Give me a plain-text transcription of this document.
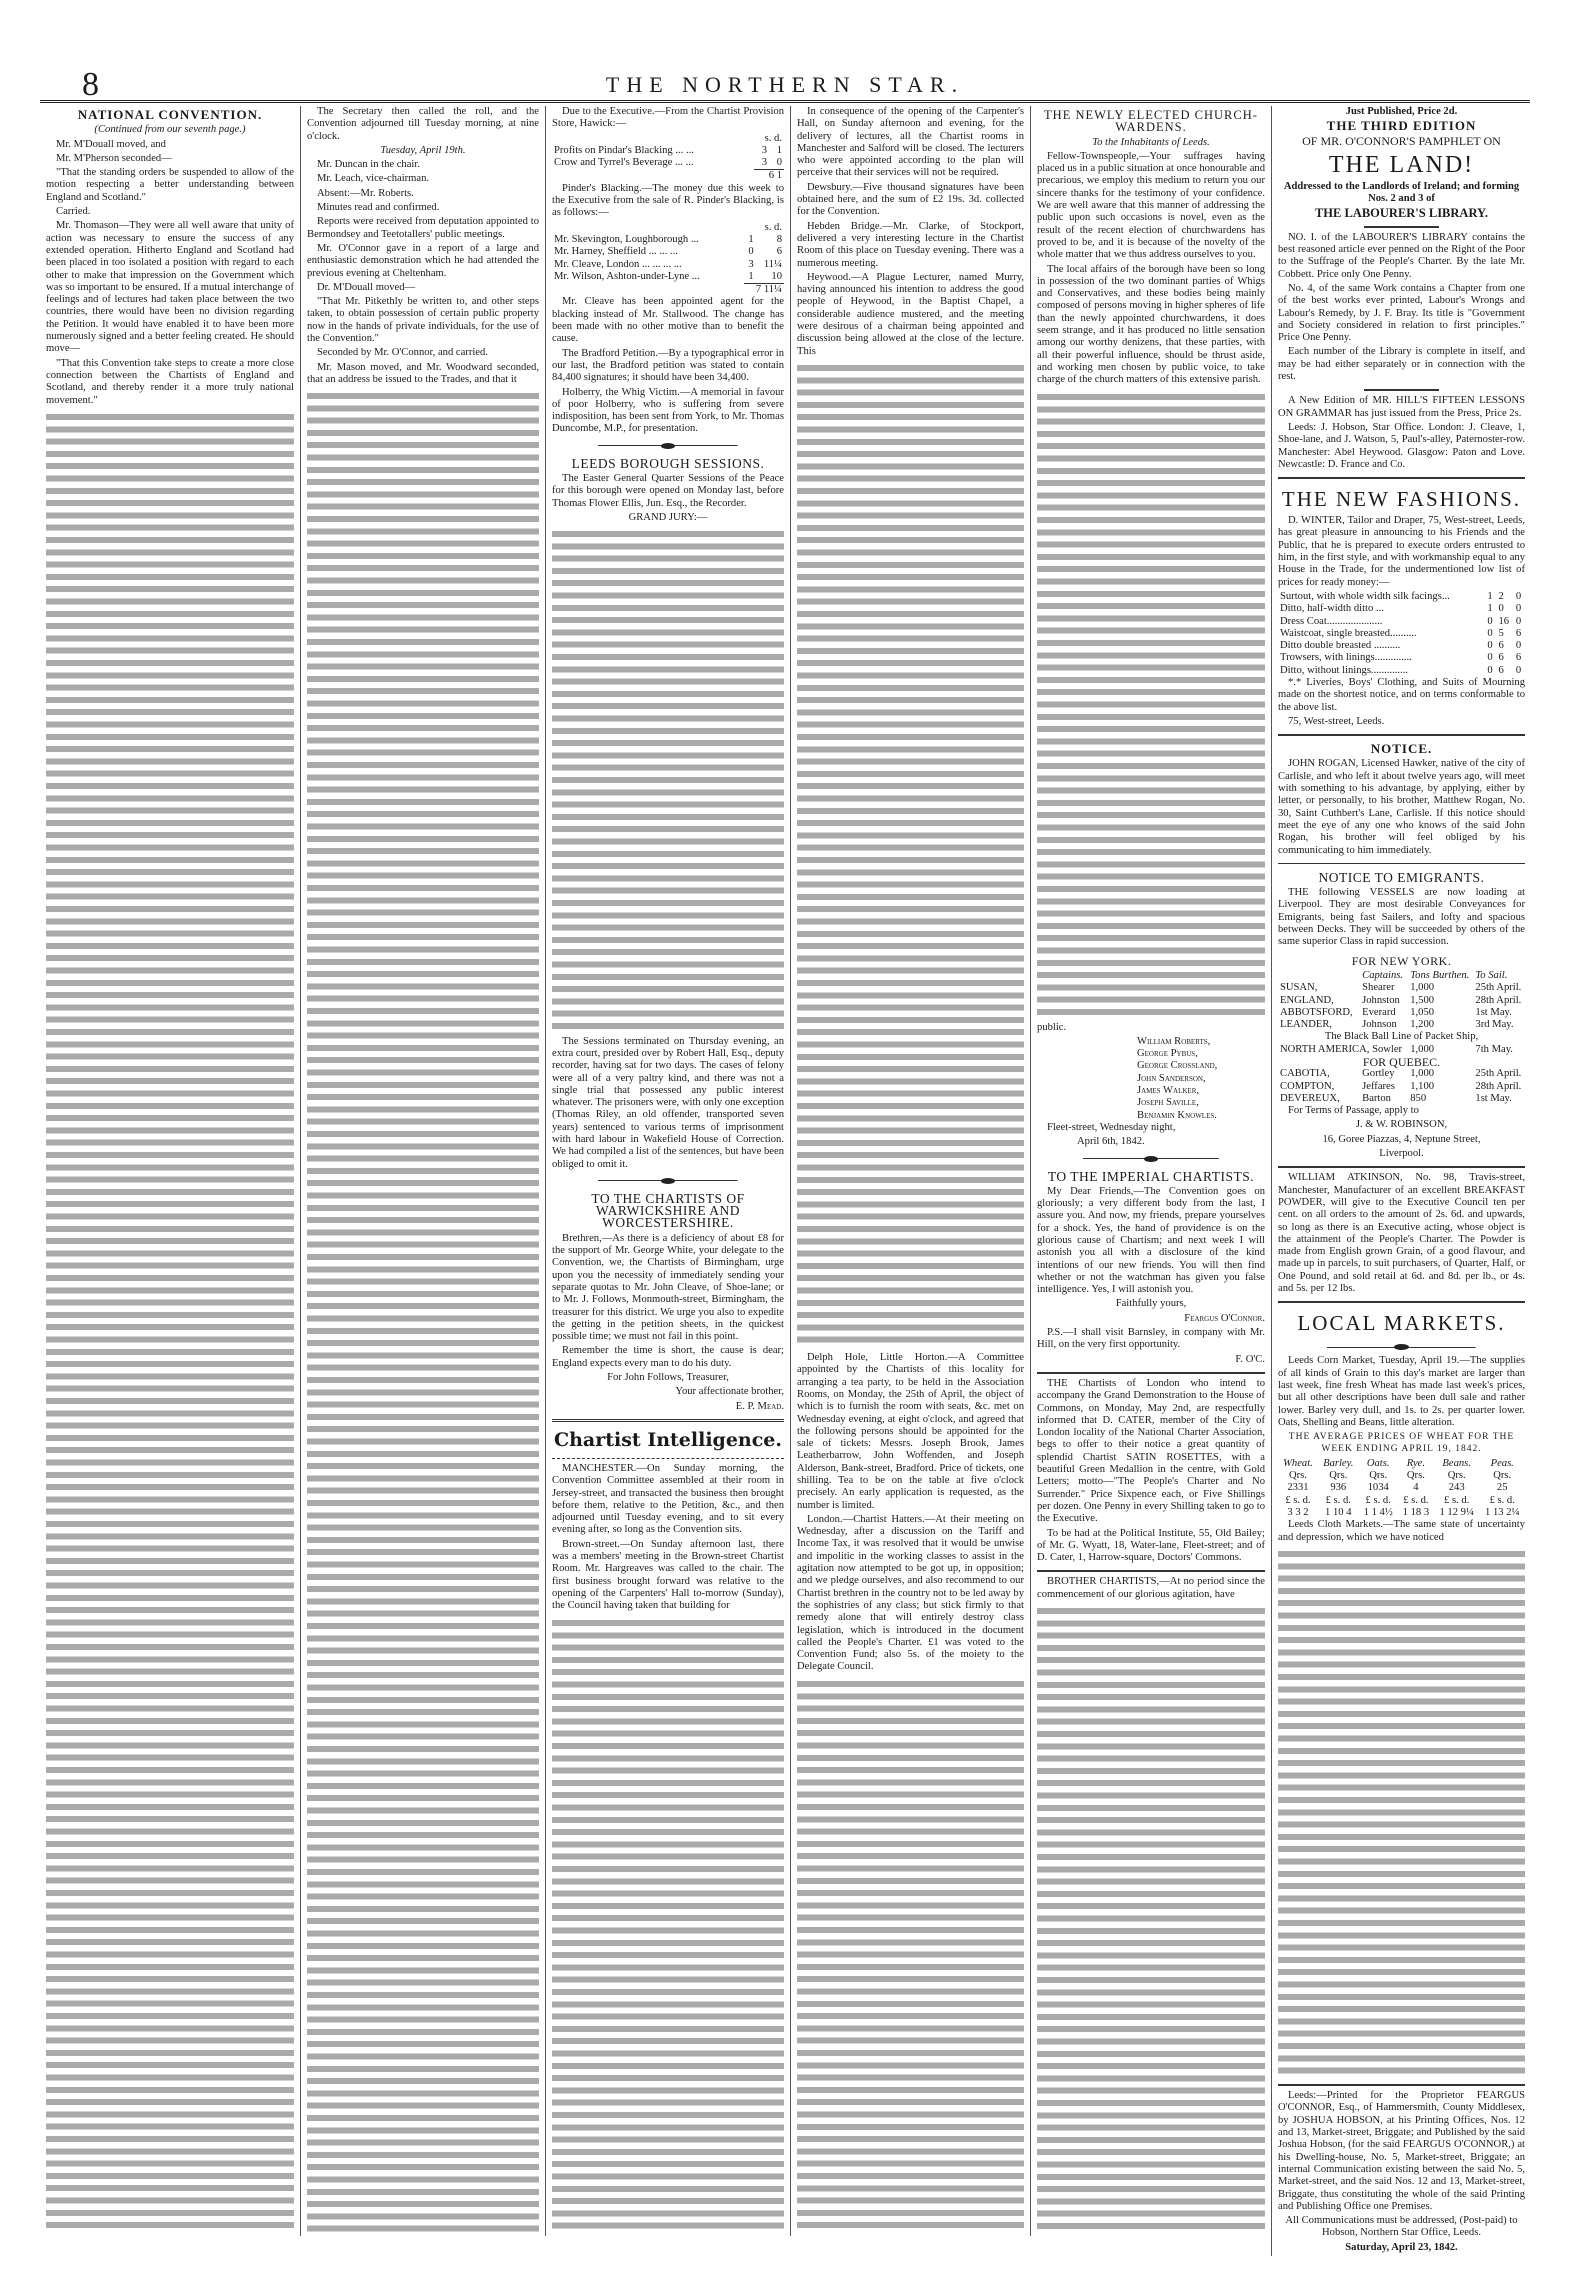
8	THE NORTHERN STAR.
NATIONAL CONVENTION.

(Continued from our seventh page.)

Mr. M'Douall moved, and

Mr. M'Pherson seconded—

"That the standing orders be suspended to allow of the motion respecting a better understanding between England and Scotland."

Carried.

Mr. Thomason—They were all well aware that unity of action was necessary to ensure the success of any extended operation. Hitherto England and Scotland had been placed in too isolated a position with regard to each other to make that impression on the Government which was so important to be ensured. If a mutual interchange of feelings and of lectures had taken place between the two countries, there would have been no division regarding the Petition. It would have enabled it to have been more numerously signed and a better feeling created. He should move—

"That this Convention take steps to create a more close connection between the Chartists of England and Scotland, and thereby render it a more truly national movement."

The Secretary then called the roll, and the Convention adjourned till Tuesday morning, at nine o'clock.

Tuesday, April 19th.

Mr. Duncan in the chair.

Mr. Leach, vice-chairman.

Absent:—Mr. Roberts.

Minutes read and confirmed.

Reports were received from deputation appointed to Bermondsey and Teetotallers' public meetings.

Mr. O'Connor gave in a report of a large and enthusiastic demonstration which he had attended the previous evening at Cheltenham.

Dr. M'Douall moved—

"That Mr. Pitkethly be written to, and other steps taken, to obtain possession of certain public property now in the hands of private individuals, for the use of the Convention."

Seconded by Mr. O'Connor, and carried.

Mr. Mason moved, and Mr. Woodward seconded, that an address be issued to the Trades, and that it

Due to the Executive.—From the Chartist Provision Store, Hawick:—

	s. d.	
Profits on Pindar's Blacking ... ...	3	1
Crow and Tyrrel's Beverage ... ...	3	0
	6 1	

Pinder's Blacking.—The money due this week to the Executive from the sale of R. Pinder's Blacking, is as follows:—

	s. d.	
Mr. Skevington, Loughborough ...	1	8
Mr. Harney, Sheffield ... ... ...	0	6
Mr. Cleave, London ... ... ... ...	3	11¼
Mr. Wilson, Ashton-under-Lyne ...	1	10
	7 11¼	

Mr. Cleave has been appointed agent for the blacking instead of Mr. Stallwood. The change has been made with no other motive than to benefit the cause.

The Bradford Petition.—By a typographical error in our last, the Bradford petition was stated to contain 84,400 signatures; it should have been 34,400.

Holberry, the Whig Victim.—A memorial in favour of poor Holberry, who is suffering from severe indisposition, has been sent from York, to Mr. Thomas Duncombe, M.P., for presentation.

LEEDS BOROUGH SESSIONS.

The Easter General Quarter Sessions of the Peace for this borough were opened on Monday last, before Thomas Flower Ellis, Jun. Esq., the Recorder.

GRAND JURY:—

The Sessions terminated on Thursday evening, an extra court, presided over by Robert Hall, Esq., deputy recorder, having sat for two days. The cases of felony were all of a very paltry kind, and there was not a single trial that possessed any public interest whatever. The prisoners were, with only one exception (Thomas Riley, an old offender, transported seven years) sentenced to various terms of imprisonment with hard labour in Wakefield House of Correction. We had compiled a list of the sentences, but have been obliged to omit it.

TO THE CHARTISTS OF WARWICKSHIRE AND WORCESTERSHIRE.

Brethren,—As there is a deficiency of about £8 for the support of Mr. George White, your delegate to the Convention, we, the Chartists of Birmingham, urge upon you the necessity of immediately sending your separate quotas to Mr. John Cleave, of Shoe-lane; or to Mr. J. Follows, Monmouth-street, Birmingham, the treasurer for this district. We urge you also to expedite the getting in the petition sheets, in the quickest possible time; we must not fail in this point.

Remember the time is short, the cause is dear; England expects every man to do his duty.

For John Follows, Treasurer,

Your affectionate brother,

E. P. Mead.

Chartist Intelligence.

MANCHESTER.—On Sunday morning, the Convention Committee assembled at their room in Jersey-street, and transacted the business then brought before them, relative to the Petition, &c., and then adjourned until Tuesday evening, and to sit every evening after, so long as the Convention sits.

Brown-street.—On Sunday afternoon last, there was a members' meeting in the Brown-street Chartist Room. Mr. Hargreaves was called to the chair. The first business brought forward was relative to the opening of the Carpenters' Hall to-morrow (Sunday), the Council having taken that building for

In consequence of the opening of the Carpenter's Hall, on Sunday afternoon and evening, for the delivery of lectures, all the Chartist rooms in Manchester and Salford will be closed. The lecturers who were appointed according to the plan will perceive that their services will not be required.

Dewsbury.—Five thousand signatures have been obtained here, and the sum of £2 19s. 3d. collected for the Convention.

Hebden Bridge.—Mr. Clarke, of Stockport, delivered a very interesting lecture in the Chartist Room of this place on Tuesday evening. There was a numerous meeting.

Heywood.—A Plague Lecturer, named Murry, having announced his intention to address the good people of Heywood, in the Baptist Chapel, a considerable audience mustered, and the meeting were desirous of a chairman being appointed and discussion being allowed at the close of the lecture. This

Delph Hole, Little Horton.—A Committee appointed by the Chartists of this locality for arranging a tea party, to be held in the Association Rooms, on Monday, the 25th of April, the object of which is to furnish the room with seats, &c. met on Wednesday evening, at eight o'clock, and agreed that the following persons should be appointed for the sale of tickets: Messrs. Joseph Brook, James Leatherbarrow, John Woffenden, and Joseph Alderson, Bank-street, Bradford. Price of tickets, one shilling. Tea to be on the table at five o'clock precisely. An early application is requested, as the number is limited.

London.—Chartist Hatters.—At their meeting on Wednesday, after a discussion on the Tariff and Income Tax, it was resolved that it would be unwise and impolitic in the working classes to assist in the agitation now attempted to be got up, in opposition; and we pledge ourselves, and also recommend to our Chartist brethren in the country not to be led away by the sophistries of any class; but stick firmly to that remedy alone that will entirely destroy class legislation, which is introduced in the document called the People's Charter. £1 was voted to the Convention Fund; also 5s. of the moiety to the Delegate Council.

THE NEWLY ELECTED CHURCH-WARDENS.

To the Inhabitants of Leeds.

Fellow-Townspeople,—Your suffrages having placed us in a public situation at once honourable and precarious, we employ this medium to return you our sincere thanks for the testimony of your confidence. We are well aware that this manner of addressing the public upon such occasions is novel, even as the result of the recent election of churchwardens has proved to be, and it is because of the novelty of the whole matter that we thus address ourselves to you.

The local affairs of the borough have been so long in possession of the two dominant parties of Whigs and Conservatives, and these bodies being mainly composed of persons moving in higher spheres of life than the newly appointed churchwardens, it does seem strange, and it has produced no little sensation among our worthy denizens, that these parties, with all their powerful influence, should be thrust aside, and working men chosen by public voice, to take charge of the church matters of this extensive parish.

public.

William Roberts,
George Pybus,
George Crossland,
John Sanderson,
James Walker,
Joseph Saville,
Benjamin Knowles.

Fleet-street, Wednesday night,

April 6th, 1842.

TO THE IMPERIAL CHARTISTS.

My Dear Friends,—The Convention goes on gloriously; a very different body from the last, I assure you. And now, my friends, prepare yourselves for a shock. Yes, the hand of providence is on the glorious cause of Chartism; and next week I will astonish you all with a disclosure of the kind intentions of our new friends. You will then find whether or not the watchman has given you false intelligence. Yes, I will astonish you.

Faithfully yours,

Feargus O'Connor.

P.S.—I shall visit Barnsley, in company with Mr. Hill, on the very first opportunity.

F. O'C.

THE Chartists of London who intend to accompany the Grand Demonstration to the House of Commons, on Monday, May 2nd, are respectfully informed that D. CATER, member of the City of London locality of the National Charter Association, begs to offer to their notice a great quantity of splendid Chartist SATIN ROSETTES, with a beautiful Green Medallion in the centre, with Gold Letters; motto—"The People's Charter and No Surrender." Price Sixpence each, or Five Shillings per dozen. One Penny in every Shilling taken to go to the Executive.

To be had at the Political Institute, 55, Old Bailey; of Mr. G. Wyatt, 18, Water-lane, Fleet-street; and of D. Cater, 1, Harrow-square, Doctors' Commons.

BROTHER CHARTISTS,—At no period since the commencement of our glorious agitation, have

Just Published, Price 2d.

THE THIRD EDITION

OF MR. O'CONNOR'S PAMPHLET ON

THE LAND!

Addressed to the Landlords of Ireland; and forming Nos. 2 and 3 of

THE LABOURER'S LIBRARY.

NO. I. of the LABOURER'S LIBRARY contains the best reasoned article ever penned on the Right of the Poor to the Suffrage of the People's Charter. By the late Mr. Cobbett. Price only One Penny.

No. 4, of the same Work contains a Chapter from one of the best works ever printed, Labour's Wrongs and Labour's Remedy, by J. F. Bray. Its title is "Government and Society considered in relation to first principles." Price One Penny.

Each number of the Library is complete in itself, and may be had either separately or in connection with the rest.

A New Edition of MR. HILL'S FIFTEEN LESSONS ON GRAMMAR has just issued from the Press, Price 2s.

Leeds: J. Hobson, Star Office. London: J. Cleave, 1, Shoe-lane, and J. Watson, 5, Paul's-alley, Paternoster-row. Manchester: Abel Heywood. Glasgow: Paton and Love. Newcastle: D. France and Co.

THE NEW FASHIONS.

D. WINTER, Tailor and Draper, 75, West-street, Leeds, has great pleasure in announcing to his Friends and the Public, that he is prepared to execute orders entrusted to him, in the first style, and with workmanship equal to any House in the Trade, for the undermentioned low list of prices for ready money:—

Surtout, with whole width silk facings...	1	2	0
Ditto, half-width ditto ...	1	0	0
Dress Coat.....................	0	16	0
Waistcoat, single breasted..........	0	5	6
Ditto double breasted ..........	0	6	0
Trowsers, with linings..............	0	6	6
Ditto, without linings..............	0	6	0

*.* Liveries, Boys' Clothing, and Suits of Mourning made on the shortest notice, and on terms conformable to the above list.

75, West-street, Leeds.

NOTICE.

JOHN ROGAN, Licensed Hawker, native of the city of Carlisle, and who left it about twelve years ago, will meet with something to his advantage, by applying, either by letter, or personally, to his brother, Matthew Rogan, No. 30, Saint Cuthbert's Lane, Carlisle. If this notice should meet the eye of any one who knows of the said John Rogan, his brother will feel obliged by his communicating to him immediately.

NOTICE TO EMIGRANTS.

THE following VESSELS are now loading at Liverpool. They are most desirable Conveyances for Emigrants, being fast Sailers, and lofty and spacious between Decks. They will be succeeded by others of the same superior Class in rapid succession.

FOR NEW YORK.
	Captains.	Tons Burthen.	To Sail.
SUSAN,	Shearer	1,000	25th April.
ENGLAND,	Johnston	1,500	28th April.
ABBOTSFORD,	Everard	1,050	1st May.
LEANDER,	Johnson	1,200	3rd May.
The Black Ball Line of Packet Ship,			
NORTH AMERICA, Sowler		1,000	7th May.
FOR QUEBEC.			
CABOTIA,	Gortley	1,000	25th April.
COMPTON,	Jeffares	1,100	28th April.
DEVEREUX,	Barton	850	1st May.

For Terms of Passage, apply to

J. & W. ROBINSON,

16, Goree Piazzas, 4, Neptune Street,

Liverpool.

WILLIAM ATKINSON, No. 98, Travis-street, Manchester, Manufacturer of an excellent BREAKFAST POWDER, will give to the Executive Council ten per cent. on all orders to the amount of 2s. 6d. and upwards, so long as there is an Executive acting, whose object is the attainment of the People's Charter. The Powder is made from English grown Grain, of a good flavour, and made up in parcels, to suit purchasers, of Quarter, Half, or One Pound, and sold retail at 6d. and 8d. per lb., or 4s. and 5s. per 12 lbs.

LOCAL MARKETS.

Leeds Corn Market, Tuesday, April 19.—The supplies of all kinds of Grain to this day's market are larger than last week, fine fresh Wheat has made last week's prices, but all other descriptions have been dull sale and rather lower. Barley very dull, and 1s. to 2s. per quarter lower. Oats, Shelling and Beans, little alteration.

THE AVERAGE PRICES OF WHEAT FOR THE WEEK ENDING APRIL 19, 1842.

Wheat.	Barley.	Oats.	Rye.	Beans.	Peas.
Qrs.	Qrs.	Qrs.	Qrs.	Qrs.	Qrs.
2331	936	1034	4	243	25
£ s. d.	£ s. d.	£ s. d.	£ s. d.	£ s. d.	£ s. d.
3 3 2	1 10 4	1 1 4½	1 18 3	1 12 9¼	1 13 2¼

Leeds Cloth Markets.—The same state of uncertainty and depression, which we have noticed

Leeds:—Printed for the Proprietor FEARGUS O'CONNOR, Esq., of Hammersmith, County Middlesex, by JOSHUA HOBSON, at his Printing Offices, Nos. 12 and 13, Market-street, Briggate; and Published by the said Joshua Hobson, (for the said FEARGUS O'CONNOR,) at his Dwelling-house, No. 5, Market-street, Briggate; an internal Communication existing between the said No. 5, Market-street, and the said Nos. 12 and 13, Market-street, Briggate, thus constituting the whole of the said Printing and Publishing Office one Premises.

All Communications must be addressed, (Post-paid) to Hobson, Northern Star Office, Leeds.

Saturday, April 23, 1842.
